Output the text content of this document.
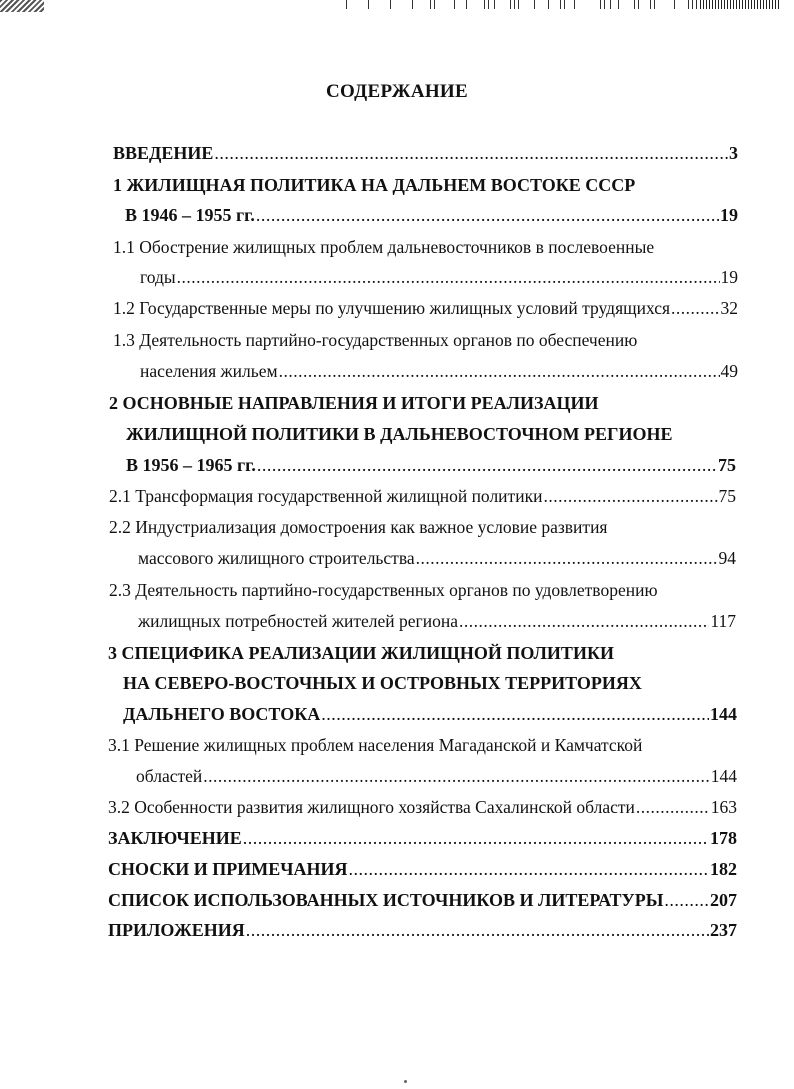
СОДЕРЖАНИЕ
ВВЕДЕНИЕ .....	3
1 ЖИЛИЩНАЯ ПОЛИТИКА НА ДАЛЬНЕМ ВОСТОКЕ СССР
В 1946 – 1955 гг. .....	19
1.1 Обострение жилищных проблем дальневосточников в послевоенные
годы .....	19
1.2 Государственные меры по улучшению жилищных условий трудящихся .....	32
1.3 Деятельность партийно-государственных органов по обеспечению
населения жильем .....	49
2 ОСНОВНЫЕ НАПРАВЛЕНИЯ И ИТОГИ РЕАЛИЗАЦИИ
ЖИЛИЩНОЙ ПОЛИТИКИ В ДАЛЬНЕВОСТОЧНОМ РЕГИОНЕ
В 1956 – 1965 гг. .....	75
2.1 Трансформация государственной жилищной политики .....	75
2.2 Индустриализация домостроения как важное условие развития
массового жилищного строительства .....	94
2.3 Деятельность партийно-государственных органов по удовлетворению
жилищных потребностей жителей региона .....	117
3 СПЕЦИФИКА РЕАЛИЗАЦИИ ЖИЛИЩНОЙ ПОЛИТИКИ
НА СЕВЕРО-ВОСТОЧНЫХ И ОСТРОВНЫХ ТЕРРИТОРИЯХ
ДАЛЬНЕГО ВОСТОКА .....	144
3.1 Решение жилищных проблем населения Магаданской и Камчатской
областей .....	144
3.2 Особенности развития жилищного хозяйства Сахалинской области .....	163
ЗАКЛЮЧЕНИЕ .....	178
СНОСКИ И ПРИМЕЧАНИЯ .....	182
СПИСОК ИСПОЛЬЗОВАННЫХ ИСТОЧНИКОВ И ЛИТЕРАТУРЫ .....	207
ПРИЛОЖЕНИЯ .....	237
